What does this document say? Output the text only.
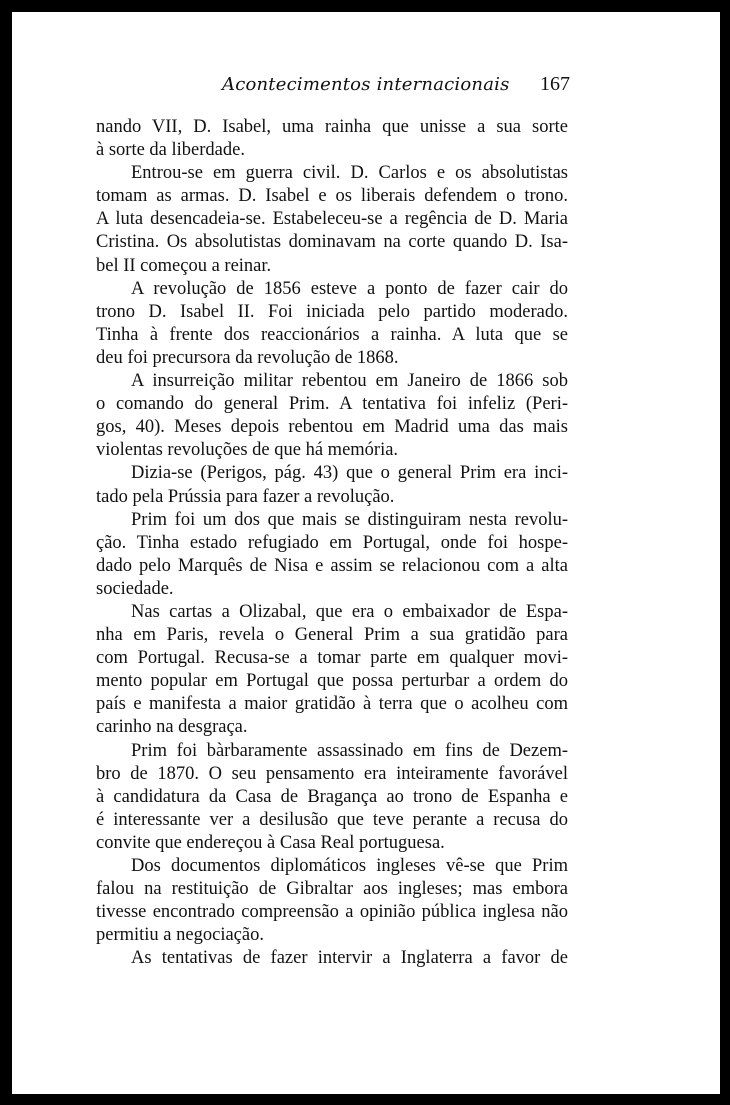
Acontecimentos internacionais 167
nando VII, D. Isabel, uma rainha que unisse a sua sorte
à sorte da liberdade.
Entrou-se em guerra civil. D. Carlos e os absolutistas
tomam as armas. D. Isabel e os liberais defendem o trono.
A luta desencadeia-se. Estabeleceu-se a regência de D. Maria
Cristina. Os absolutistas dominavam na corte quando D. Isa-
bel II começou a reinar.
A revolução de 1856 esteve a ponto de fazer cair do
trono D. Isabel II. Foi iniciada pelo partido moderado.
Tinha à frente dos reaccionários a rainha. A luta que se
deu foi precursora da revolução de 1868.
A insurreição militar rebentou em Janeiro de 1866 sob
o comando do general Prim. A tentativa foi infeliz (Peri-
gos, 40). Meses depois rebentou em Madrid uma das mais
violentas revoluções de que há memória.
Dizia-se (Perigos, pág. 43) que o general Prim era inci-
tado pela Prússia para fazer a revolução.
Prim foi um dos que mais se distinguiram nesta revolu-
ção. Tinha estado refugiado em Portugal, onde foi hospe-
dado pelo Marquês de Nisa e assim se relacionou com a alta
sociedade.
Nas cartas a Olizabal, que era o embaixador de Espa-
nha em Paris, revela o General Prim a sua gratidão para
com Portugal. Recusa-se a tomar parte em qualquer movi-
mento popular em Portugal que possa perturbar a ordem do
país e manifesta a maior gratidão à terra que o acolheu com
carinho na desgraça.
Prim foi bàrbaramente assassinado em fins de Dezem-
bro de 1870. O seu pensamento era inteiramente favorável
à candidatura da Casa de Bragança ao trono de Espanha e
é interessante ver a desilusão que teve perante a recusa do
convite que endereçou à Casa Real portuguesa.
Dos documentos diplomáticos ingleses vê-se que Prim
falou na restituição de Gibraltar aos ingleses; mas embora
tivesse encontrado compreensão a opinião pública inglesa não
permitiu a negociação.
As tentativas de fazer intervir a Inglaterra a favor de
